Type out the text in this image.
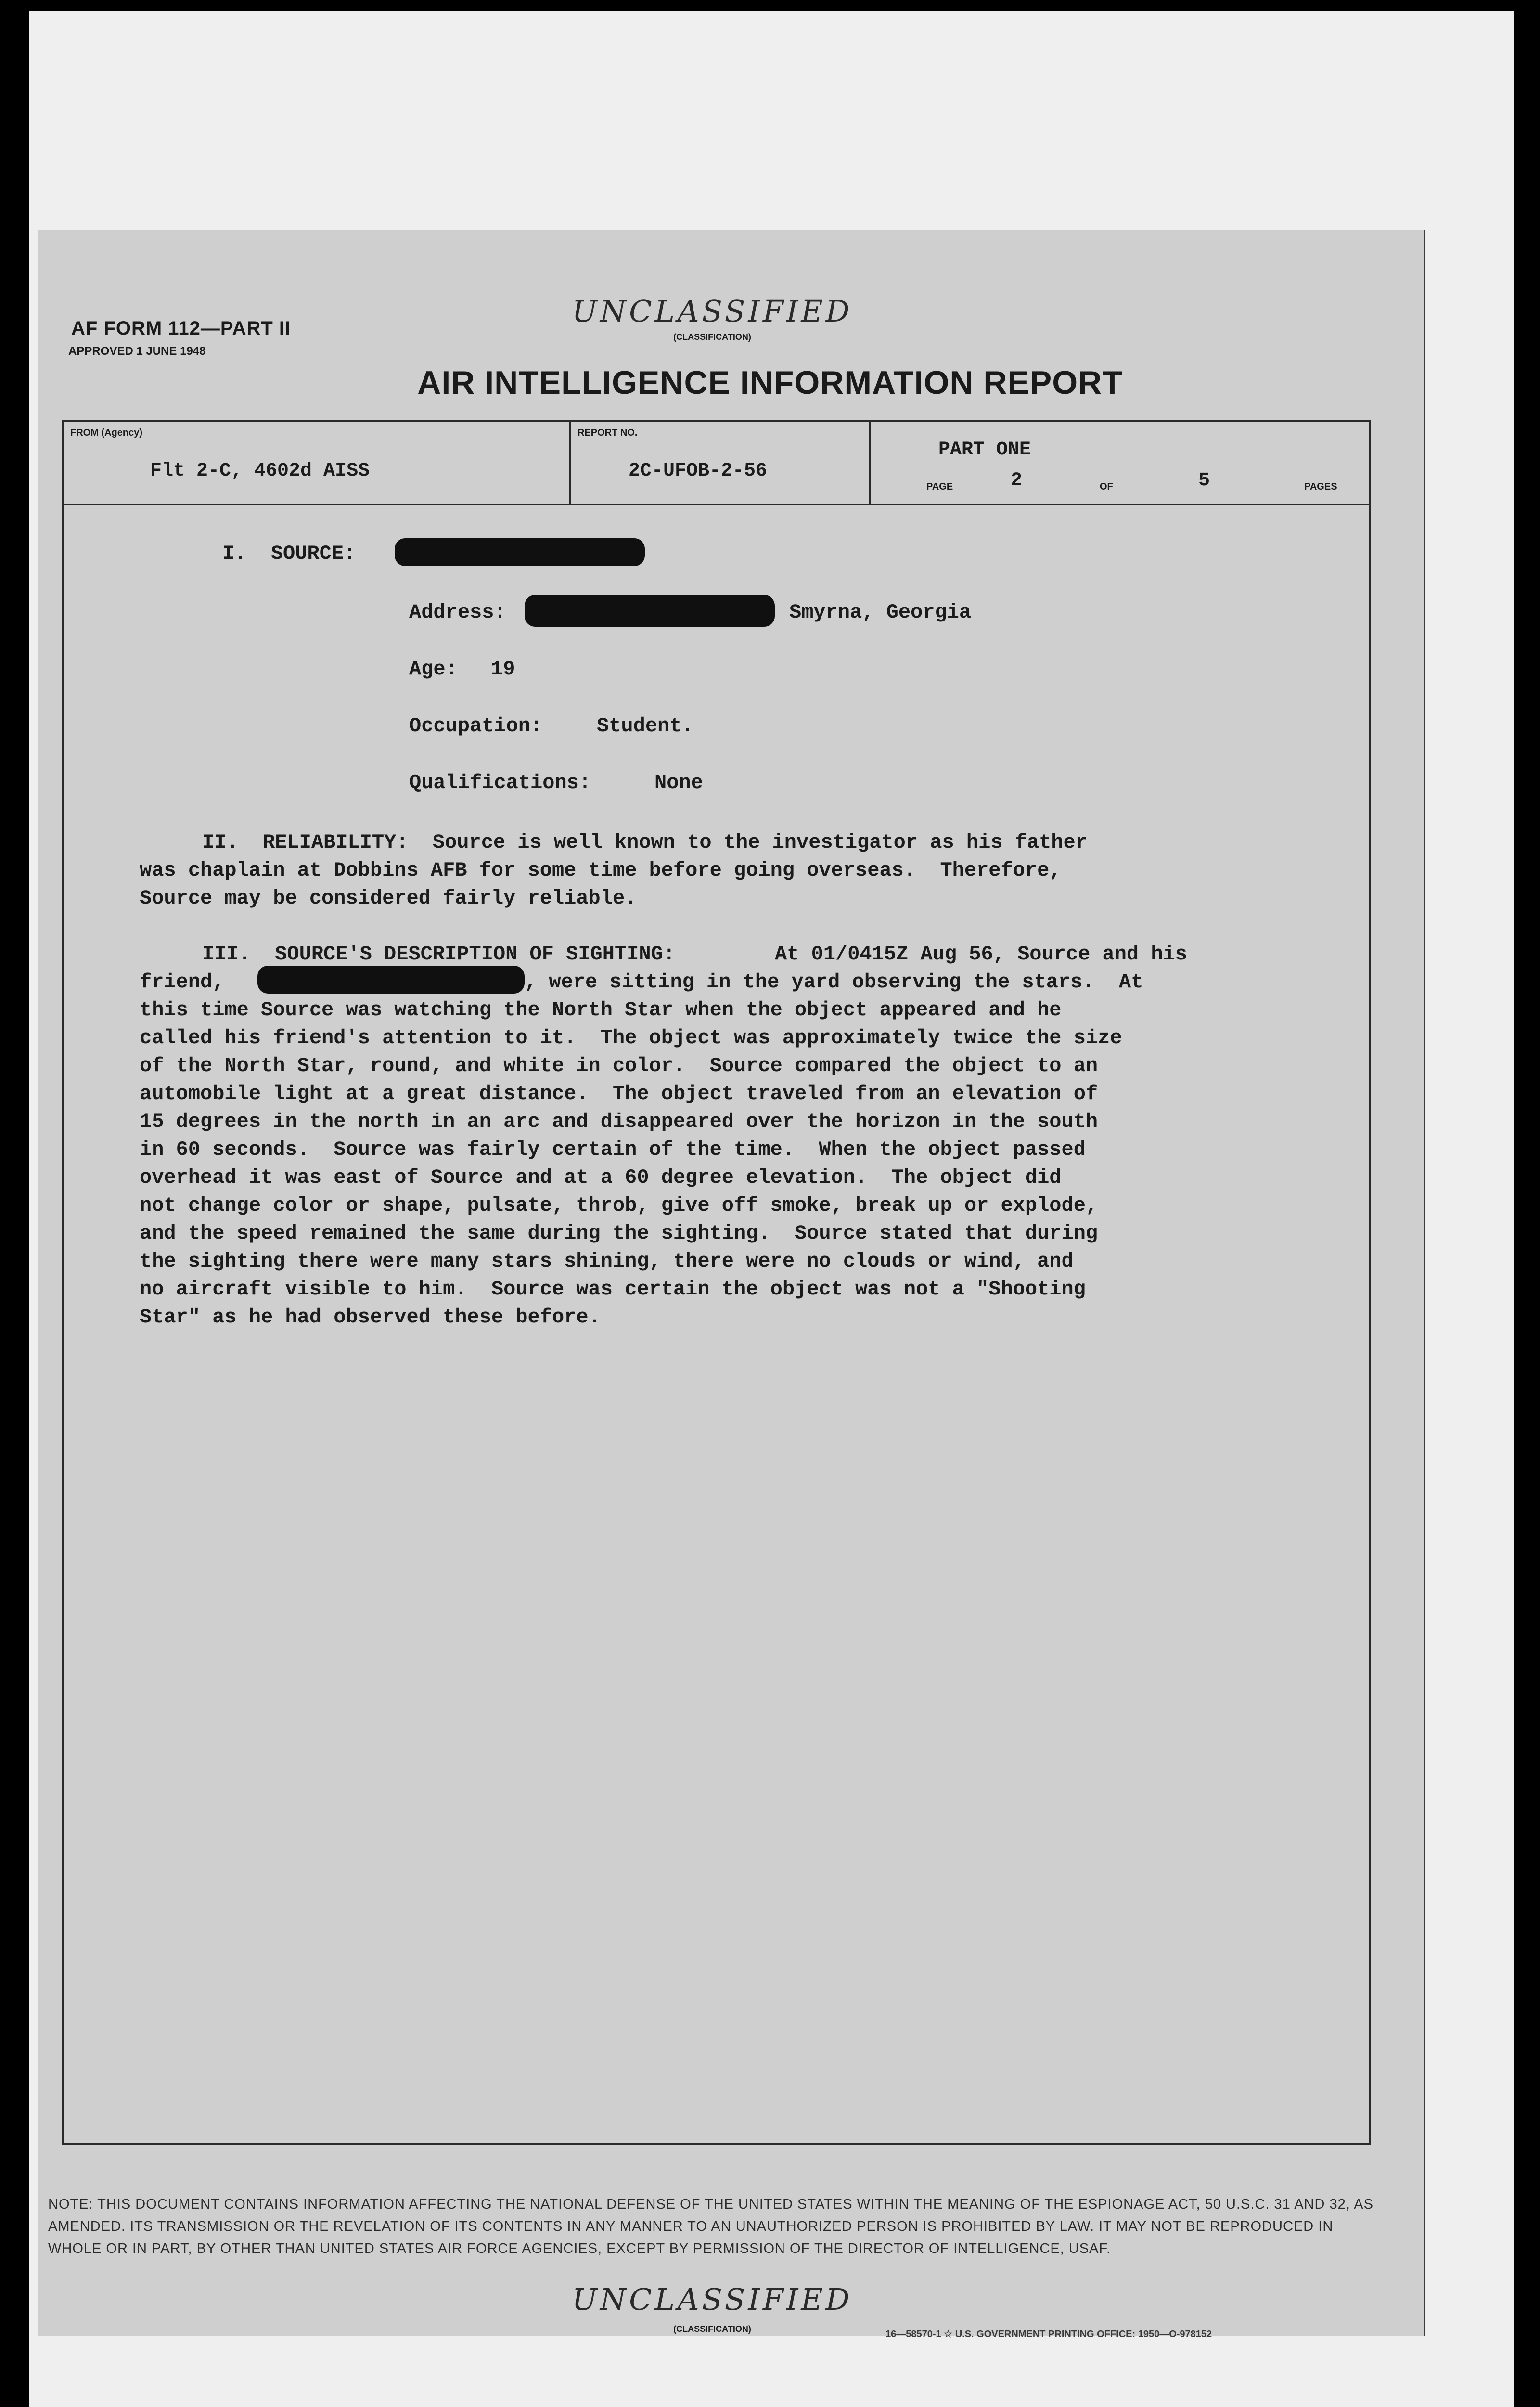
UNCLASSIFIED
(CLASSIFICATION)
AF FORM 112—PART II
APPROVED 1 JUNE 1948
AIR INTELLIGENCE INFORMATION REPORT
FROM (Agency)
Flt 2-C, 4602d AISS
REPORT NO.
2C-UFOB-2-56
PART ONE
PAGE	2	OF	5	PAGES
I.  SOURCE:
Address:	Smyrna, Georgia
Age: 19
Occupation:	Student.
Qualifications:	None
II.  RELIABILITY:  Source is well known to the investigator as his father
was chaplain at Dobbins AFB for some time before going overseas.  Therefore,
Source may be considered fairly reliable.
III.  SOURCE'S DESCRIPTION OF SIGHTING:	At 01/0415Z Aug 56, Source and his
friend,	, were sitting in the yard observing the stars.  At
this time Source was watching the North Star when the object appeared and he
called his friend's attention to it.  The object was approximately twice the size
of the North Star, round, and white in color.  Source compared the object to an
automobile light at a great distance.  The object traveled from an elevation of
15 degrees in the north in an arc and disappeared over the horizon in the south
in 60 seconds.  Source was fairly certain of the time.  When the object passed
overhead it was east of Source and at a 60 degree elevation.  The object did
not change color or shape, pulsate, throb, give off smoke, break up or explode,
and the speed remained the same during the sighting.  Source stated that during
the sighting there were many stars shining, there were no clouds or wind, and
no aircraft visible to him.  Source was certain the object was not a "Shooting
Star" as he had observed these before.
NOTE: THIS DOCUMENT CONTAINS INFORMATION AFFECTING THE NATIONAL DEFENSE OF THE UNITED STATES WITHIN THE MEANING OF THE ESPIONAGE ACT, 50 U.S.C. 31 AND 32, AS AMENDED. ITS TRANSMISSION OR THE REVELATION OF ITS CONTENTS IN ANY MANNER TO AN UNAUTHORIZED PERSON IS PROHIBITED BY LAW. IT MAY NOT BE REPRODUCED IN WHOLE OR IN PART, BY OTHER THAN UNITED STATES AIR FORCE AGENCIES, EXCEPT BY PERMISSION OF THE DIRECTOR OF INTELLIGENCE, USAF.
UNCLASSIFIED
(CLASSIFICATION)	16—58570-1 ☆ U.S. GOVERNMENT PRINTING OFFICE: 1950—O-978152
